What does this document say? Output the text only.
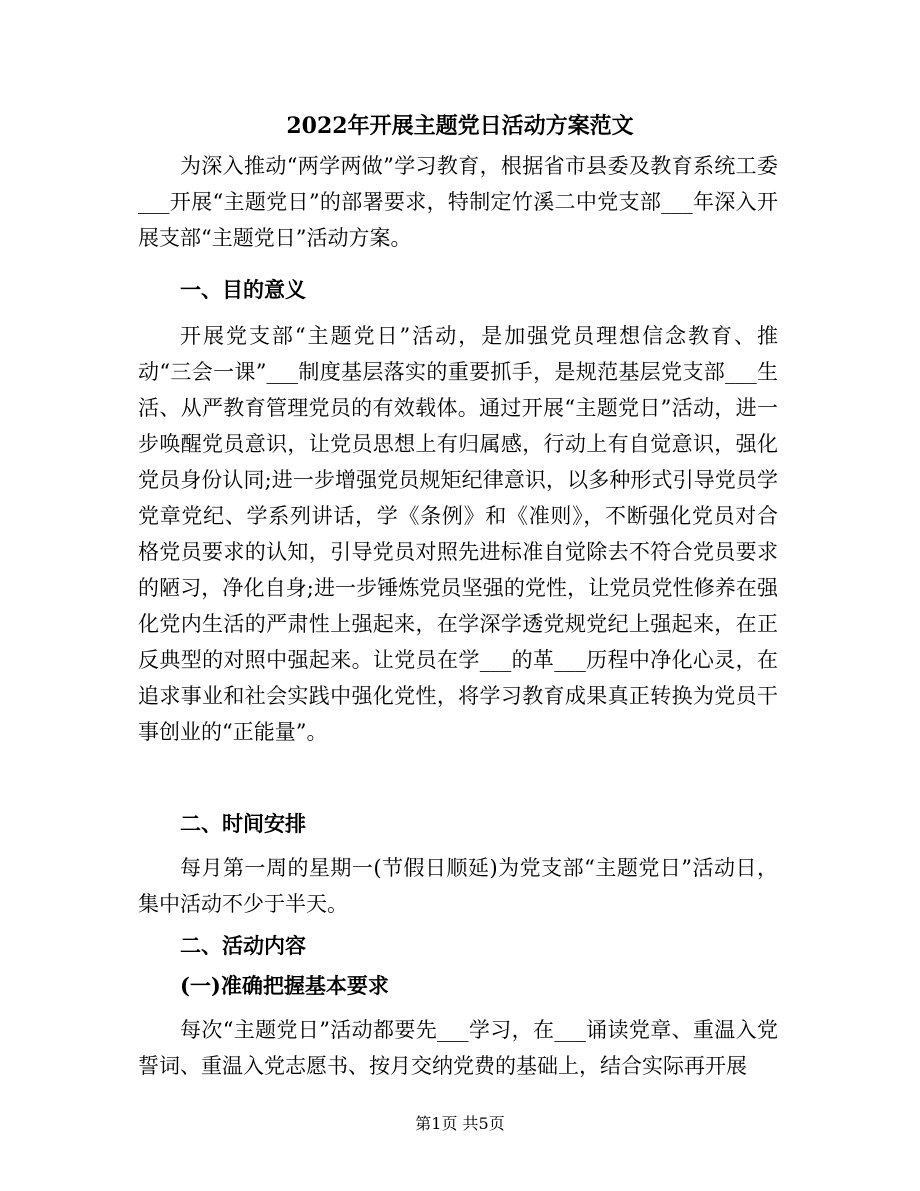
2022年开展主题党日活动方案范文

为深入推动“两学两做”学习教育，根据省市县委及教育系统工委___开展“主题党日”的部署要求，特制定竹溪二中党支部___年深入开展支部“主题党日”活动方案。

一、目的意义

开展党支部“主题党日”活动，是加强党员理想信念教育、推动“三会一课”___制度基层落实的重要抓手，是规范基层党支部___生活、从严教育管理党员的有效载体。通过开展“主题党日”活动，进一步唤醒党员意识，让党员思想上有归属感，行动上有自觉意识，强化党员身份认同;进一步增强党员规矩纪律意识，以多种形式引导党员学党章党纪、学系列讲话，学《条例》和《准则》，不断强化党员对合格党员要求的认知，引导党员对照先进标准自觉除去不符合党员要求的陋习，净化自身;进一步锤炼党员坚强的党性，让党员党性修养在强化党内生活的严肃性上强起来，在学深学透党规党纪上强起来，在正反典型的对照中强起来。让党员在学___的革___历程中净化心灵，在追求事业和社会实践中强化党性，将学习教育成果真正转换为党员干事创业的“正能量”。

二、时间安排

每月第一周的星期一(节假日顺延)为党支部“主题党日”活动日，集中活动不少于半天。

二、活动内容
(一)准确把握基本要求

每次“主题党日”活动都要先___学习，在___诵读党章、重温入党誓词、重温入党志愿书、按月交纳党费的基础上，结合实际再开展

第1页 共5页
